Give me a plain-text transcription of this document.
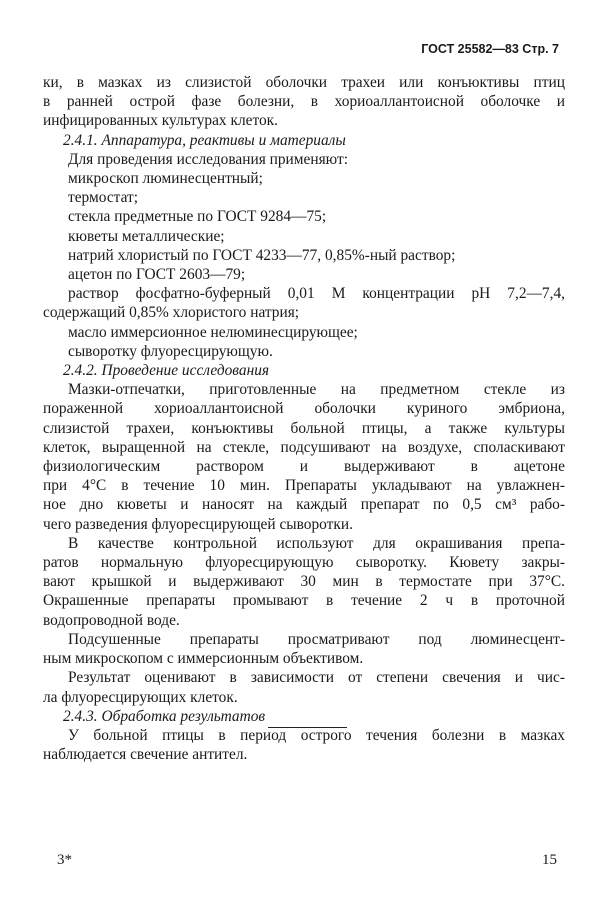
ГОСТ 25582—83 Стр. 7
ки, в мазках из слизистой оболочки трахеи или конъюктивы птиц
в ранней острой фазе болезни, в хориоаллантоисной оболочке и
инфицированных культурах клеток.
2.4.1. Аппаратура, реактивы и материалы
Для проведения исследования применяют:
микроскоп люминесцентный;
термостат;
стекла предметные по ГОСТ 9284—75;
кюветы металлические;
натрий хлористый по ГОСТ 4233—77, 0,85%-ный раствор;
ацетон по ГОСТ 2603—79;
раствор фосфатно-буферный 0,01 М концентрации рН 7,2—7,4,
содержащий 0,85% хлористого натрия;
масло иммерсионное нелюминесцирующее;
сыворотку флуоресцирующую.
2.4.2. Проведение исследования
Мазки-отпечатки, приготовленные на предметном стекле из
пораженной хориоаллантоисной оболочки куриного эмбриона,
слизистой трахеи, конъюктивы больной птицы, а также культуры
клеток, выращенной на стекле, подсушивают на воздухе, споласкивают
физиологическим раствором и выдерживают в ацетоне
при 4°С в течение 10 мин. Препараты укладывают на увлажнен-
ное дно кюветы и наносят на каждый препарат по 0,5 см³ рабо-
чего разведения флуоресцирующей сыворотки.
В качестве контрольной используют для окрашивания препа-
ратов нормальную флуоресцирующую сыворотку. Кювету закры-
вают крышкой и выдерживают 30 мин в термостате при 37°С.
Окрашенные препараты промывают в течение 2 ч в проточной
водопроводной воде.
Подсушенные препараты просматривают под люминесцент-
ным микроскопом с иммерсионным объективом.
Результат оценивают в зависимости от степени свечения и чис-
ла флуоресцирующих клеток.
2.4.3. Обработка результатов
У больной птицы в период острого течения болезни в мазках
наблюдается свечение антител.
3*	15
